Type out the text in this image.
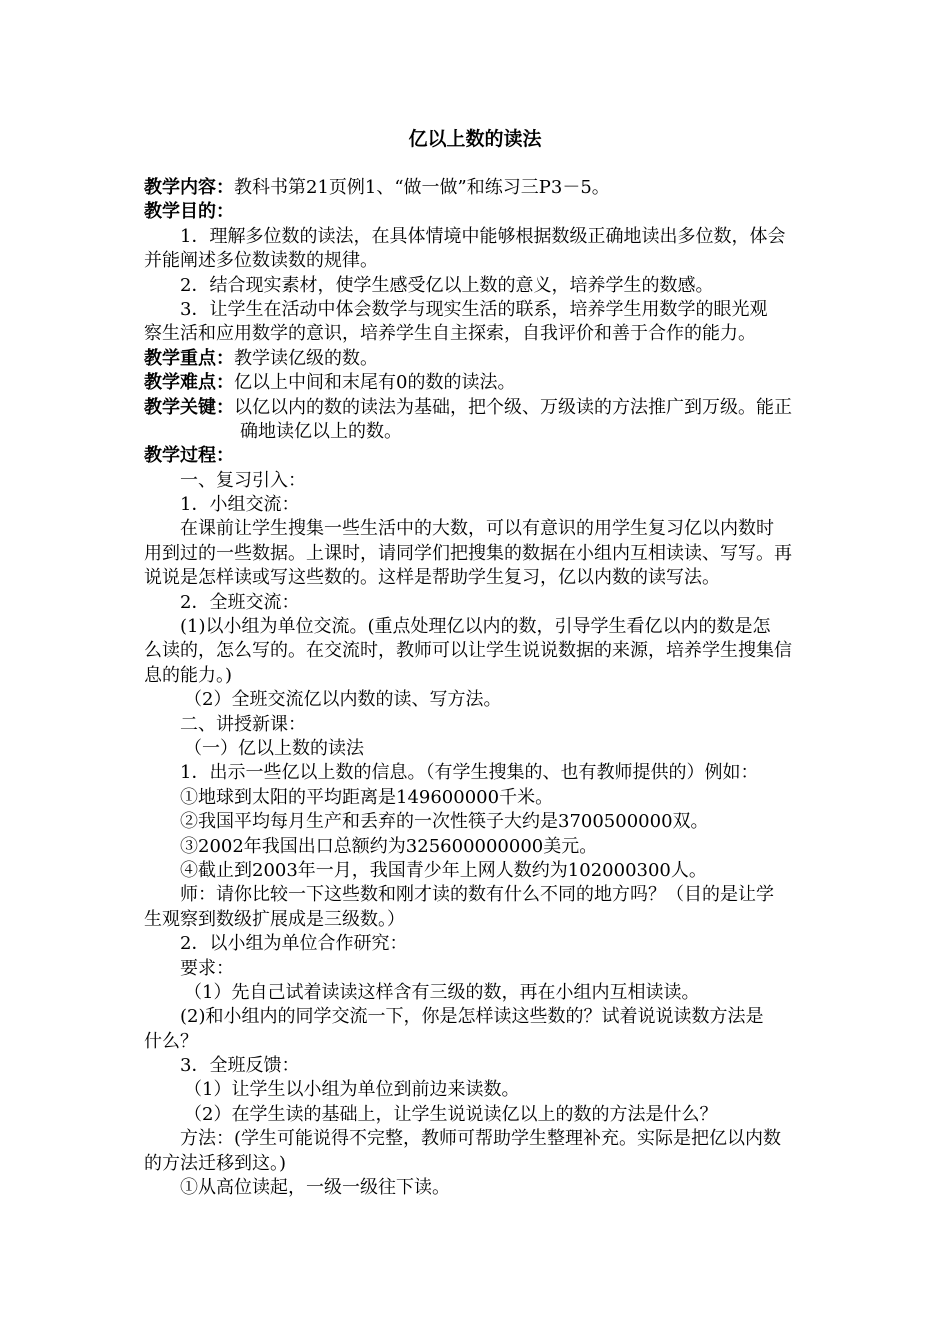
亿以上数的读法
教学内容：教科书第21页例1、“做一做”和练习三P3－5。
教学目的：
1．理解多位数的读法，在具体情境中能够根据数级正确地读出多位数，体会
并能阐述多位数读数的规律。
2．结合现实素材，使学生感受亿以上数的意义，培养学生的数感。
3．让学生在活动中体会数学与现实生活的联系，培养学生用数学的眼光观
察生活和应用数学的意识，培养学生自主探索，自我评价和善于合作的能力。
教学重点：教学读亿级的数。
教学难点：亿以上中间和末尾有0的数的读法。
教学关键：以亿以内的数的读法为基础，把个级、万级读的方法推广到万级。能正
确地读亿以上的数。
教学过程：
一、复习引入：
1．小组交流：
在课前让学生搜集一些生活中的大数，可以有意识的用学生复习亿以内数时
用到过的一些数据。上课时，请同学们把搜集的数据在小组内互相读读、写写。再
说说是怎样读或写这些数的。这样是帮助学生复习，亿以内数的读写法。
2．全班交流：
(1)以小组为单位交流。(重点处理亿以内的数，引导学生看亿以内的数是怎
么读的，怎么写的。在交流时，教师可以让学生说说数据的来源，培养学生搜集信
息的能力。)
（2）全班交流亿以内数的读、写方法。
二、讲授新课：
（一）亿以上数的读法
1．出示一些亿以上数的信息。（有学生搜集的、也有教师提供的）例如：
①地球到太阳的平均距离是149600000千米。
②我国平均每月生产和丢弃的一次性筷子大约是3700500000双。
③2002年我国出口总额约为325600000000美元。
④截止到2003年一月，我国青少年上网人数约为102000300人。
师：请你比较一下这些数和刚才读的数有什么不同的地方吗？（目的是让学
生观察到数级扩展成是三级数。）
2．以小组为单位合作研究：
要求：
（1）先自己试着读读这样含有三级的数，再在小组内互相读读。
(2)和小组内的同学交流一下，你是怎样读这些数的？试着说说读数方法是
什么？
3．全班反馈：
（1）让学生以小组为单位到前边来读数。
（2）在学生读的基础上，让学生说说读亿以上的数的方法是什么？
方法：(学生可能说得不完整，教师可帮助学生整理补充。实际是把亿以内数
的方法迁移到这。)
①从高位读起，一级一级往下读。
